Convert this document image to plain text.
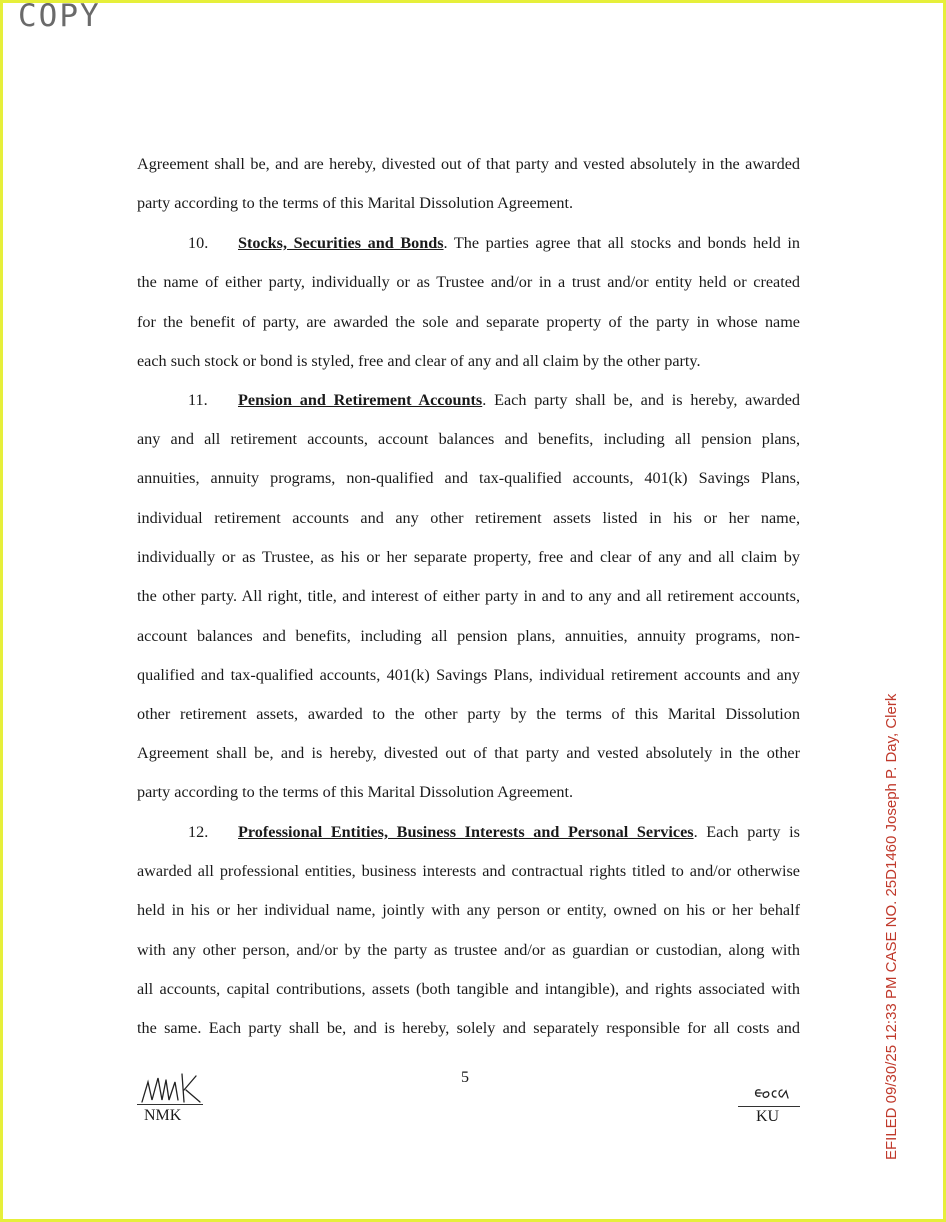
COPY
Agreement shall be, and are hereby, divested out of that party and vested absolutely in the awarded
party according to the terms of this Marital Dissolution Agreement.
10. Stocks, Securities and Bonds. The parties agree that all stocks and bonds held in
the name of either party, individually or as Trustee and/or in a trust and/or entity held or created
for the benefit of party, are awarded the sole and separate property of the party in whose name
each such stock or bond is styled, free and clear of any and all claim by the other party.
11. Pension and Retirement Accounts. Each party shall be, and is hereby, awarded
any and all retirement accounts, account balances and benefits, including all pension plans,
annuities, annuity programs, non-qualified and tax-qualified accounts, 401(k) Savings Plans,
individual retirement accounts and any other retirement assets listed in his or her name,
individually or as Trustee, as his or her separate property, free and clear of any and all claim by
the other party. All right, title, and interest of either party in and to any and all retirement accounts,
account balances and benefits, including all pension plans, annuities, annuity programs, non-
qualified and tax-qualified accounts, 401(k) Savings Plans, individual retirement accounts and any
other retirement assets, awarded to the other party by the terms of this Marital Dissolution
Agreement shall be, and is hereby, divested out of that party and vested absolutely in the other
party according to the terms of this Marital Dissolution Agreement.
12. Professional Entities, Business Interests and Personal Services. Each party is
awarded all professional entities, business interests and contractual rights titled to and/or otherwise
held in his or her individual name, jointly with any person or entity, owned on his or her behalf
with any other person, and/or by the party as trustee and/or as guardian or custodian, along with
all accounts, capital contributions, assets (both tangible and intangible), and rights associated with
the same. Each party shall be, and is hereby, solely and separately responsible for all costs and
5
NMK	KU	EFILED 09/30/25 12:33 PM CASE NO. 25D1460 Joseph P. Day, Clerk
